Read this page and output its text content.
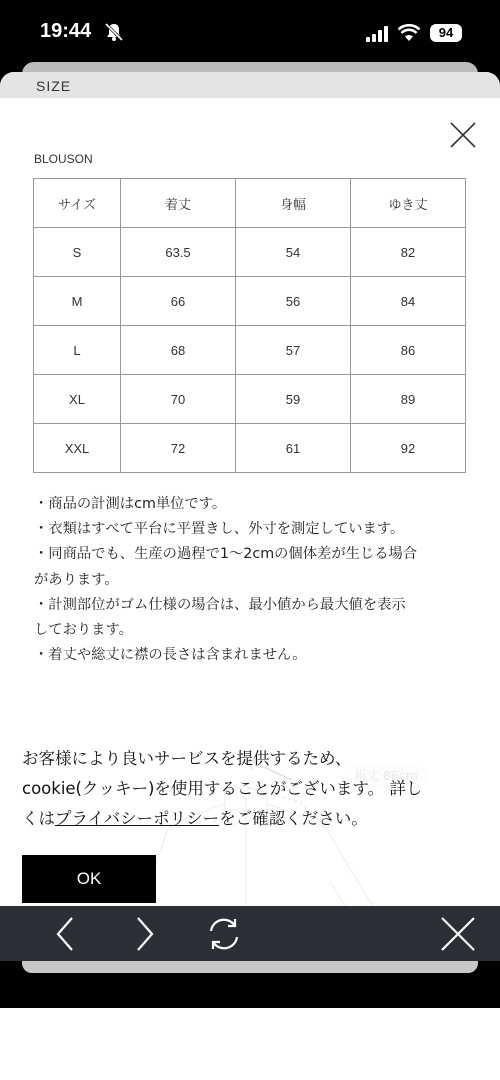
19:44	94
SIZE
BLOUSON
サイズ	着丈	身幅	ゆき丈
S	63.5	54	82
M	66	56	84
L	68	57	86
XL	70	59	89
XXL	72	61	92
・商品の計測はcm単位です。
・衣類はすべて平台に平置きし、外寸を測定しています。
・同商品でも、生産の過程で1〜2cmの個体差が生じる場合
があります。
・計測部位がゴム仕様の場合は、最小値から最大値を表示
しております。
・着丈や総丈に襟の長さは含まれません。
お客様により良いサービスを提供するため、
cookie(クッキー)を使用することがございます。 詳し
くはプライバシーポリシーをご確認ください。
OK
